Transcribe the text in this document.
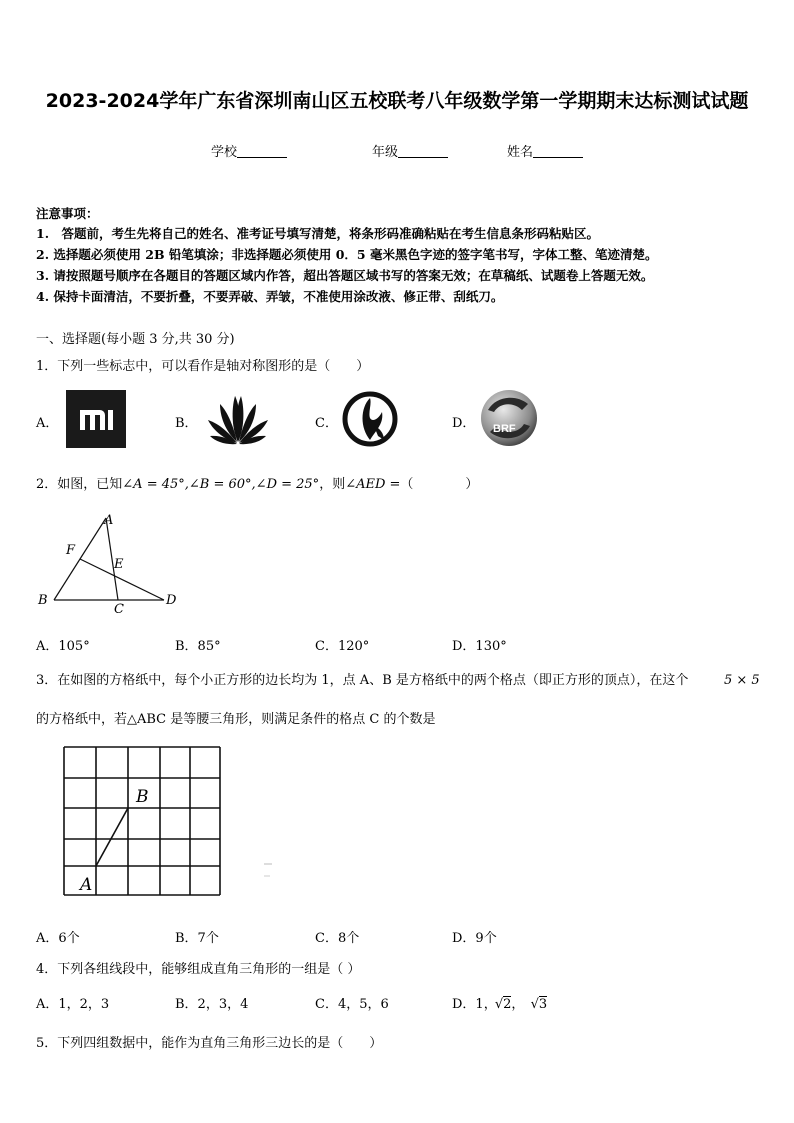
2023-2024学年广东省深圳南山区五校联考八年级数学第一学期期末达标测试试题
学校	年级	姓名
注意事项：
1.　答题前，考生先将自己的姓名、准考证号填写清楚，将条形码准确粘贴在考生信息条形码粘贴区。
2. 选择题必须使用 2B 铅笔填涂；非选择题必须使用 0．5 毫米黑色字迹的签字笔书写，字体工整、笔迹清楚。
3. 请按照题号顺序在各题目的答题区域内作答，超出答题区域书写的答案无效；在草稿纸、试题卷上答题无效。
4. 保持卡面清洁，不要折叠，不要弄破、弄皱，不准使用涂改液、修正带、刮纸刀。
一、选择题(每小题 3 分,共 30 分)
1．下列一些标志中，可以看作是轴对称图形的是（　　）
A．	B．	C．	D． BRF
2．如图，已知∠A = 45°,∠B = 60°,∠D = 25°，则∠AED =（　　　　）
A
F
E
B
C
D
A．105°	B．85°	C．120°	D．130°
3．在如图的方格纸中，每个小正方形的边长均为 1，点 A、B 是方格纸中的两个格点（即正方形的顶点），在这个	5 × 5
的方格纸中，若△ABC 是等腰三角形，则满足条件的格点 C 的个数是
B
A
A．6个	B．7个	C．8个	D．9个
4．下列各组线段中，能够组成直角三角形的一组是（ ）
A．1，2，3	B．2，3，4	C．4，5，6	D．1， √2， √3
5．下列四组数据中，能作为直角三角形三边长的是（　　）
